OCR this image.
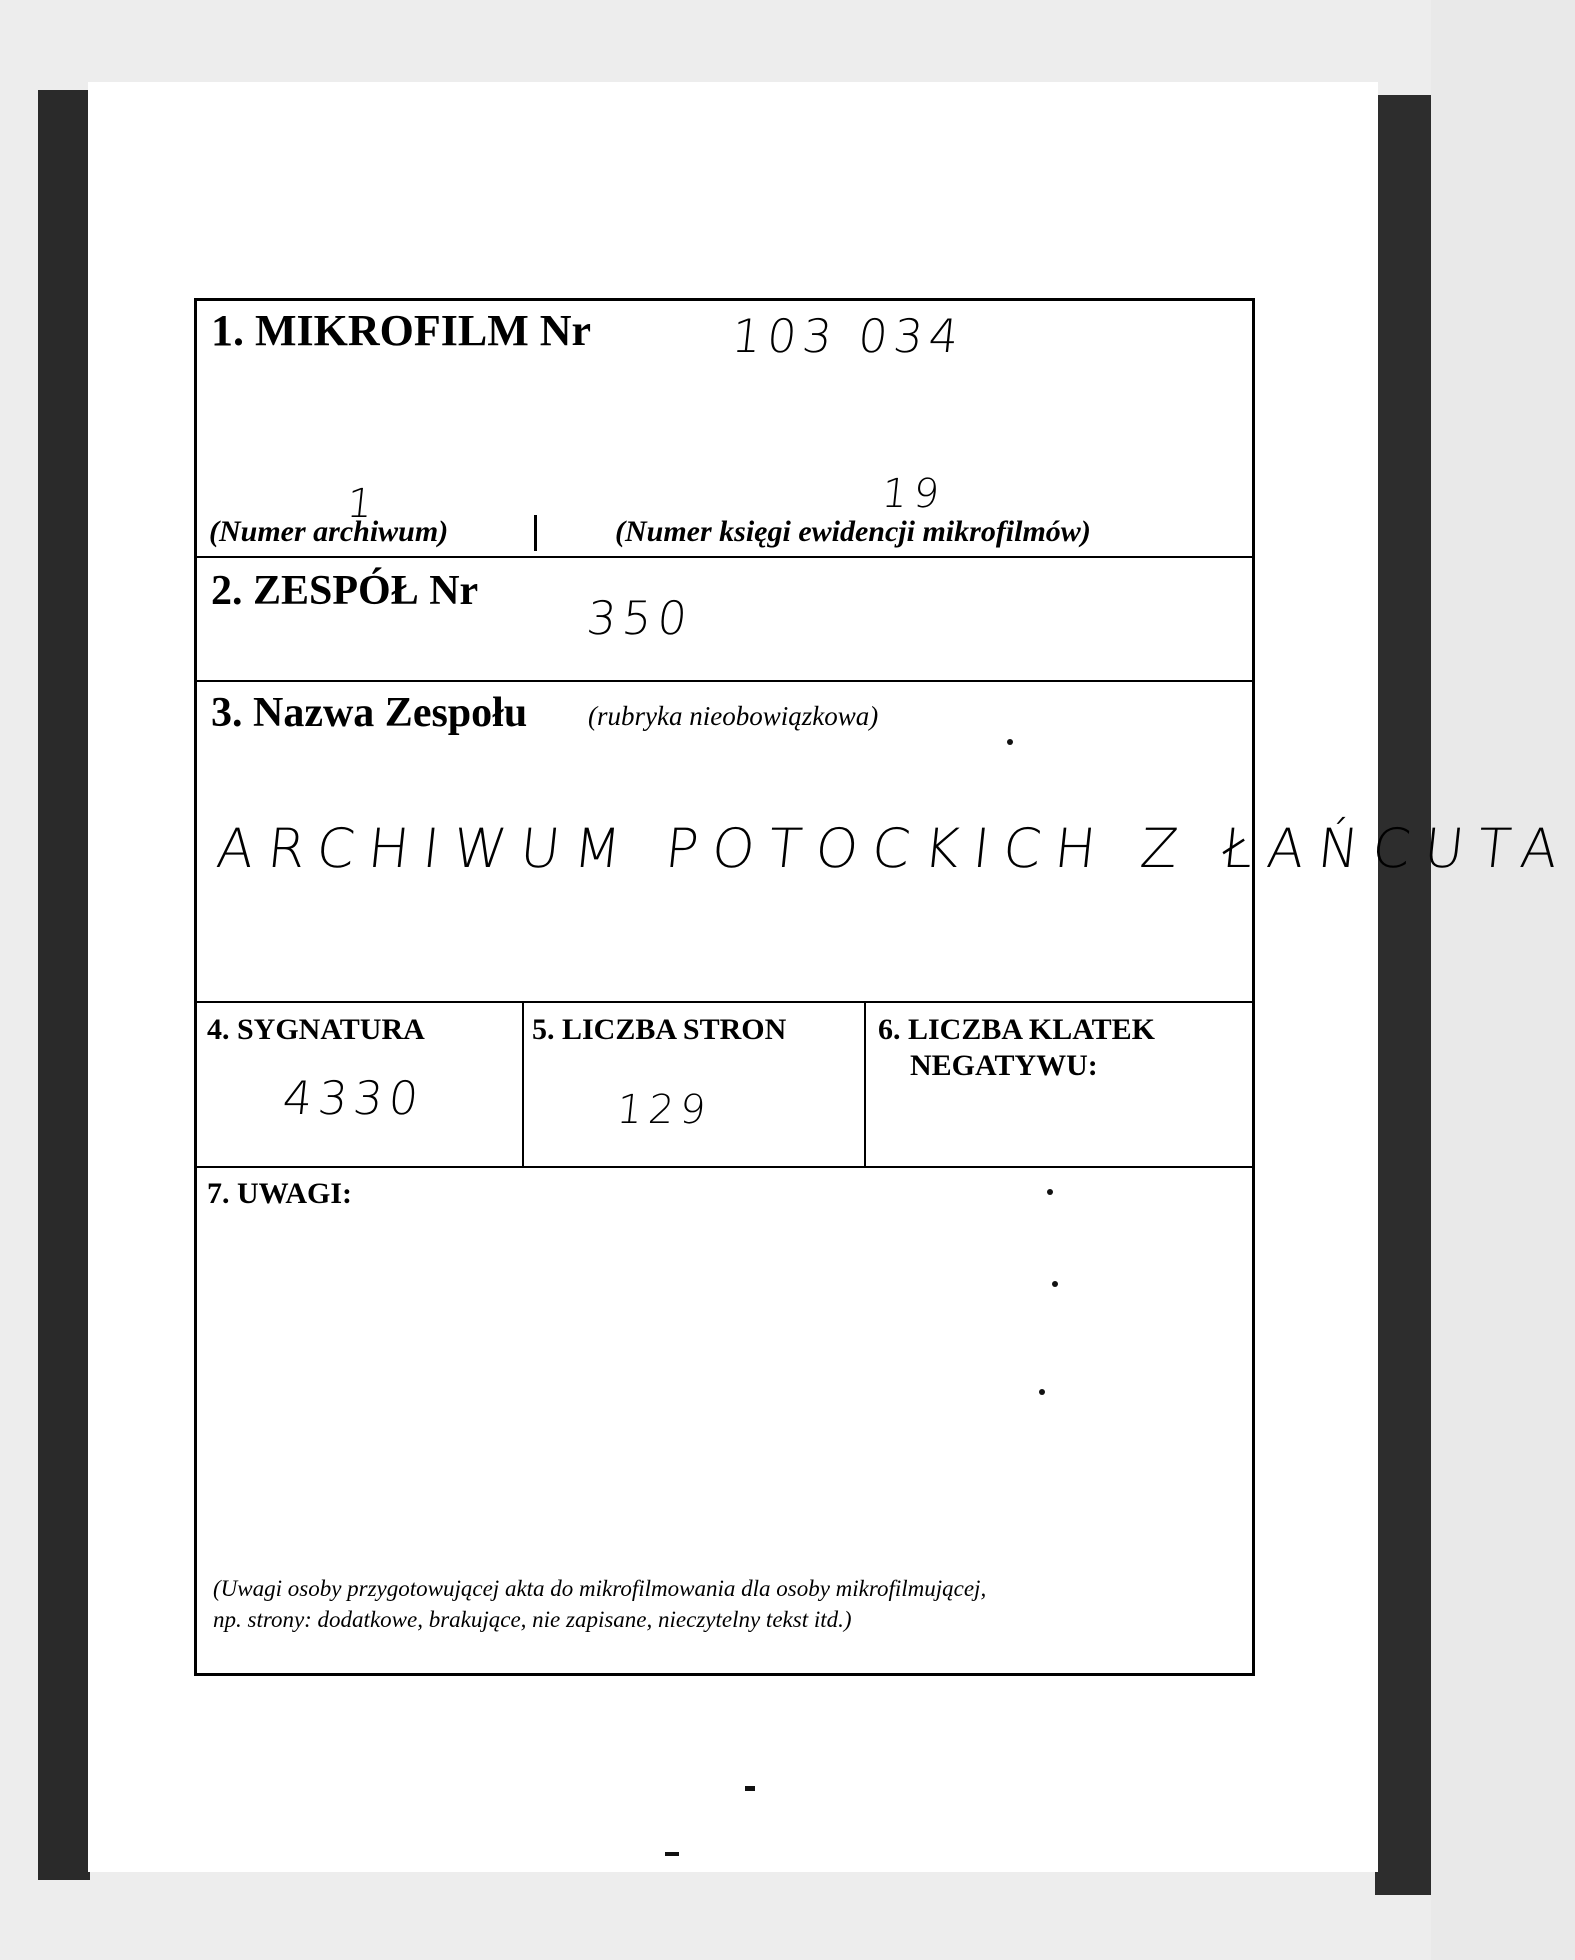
1. MIKROFILM Nr	103 034
1
(Numer archiwum)
19
(Numer księgi ewidencji mikrofilmów)
2. ZESPÓŁ Nr 350
3. Nazwa Zespołu (rubryka nieobowiązkowa)
ARCHIWUM POTOCKICH Z ŁAŃCUTA
4. SYGNATURA
4330
5. LICZBA STRON
129
6. LICZBA KLATEK
NEGATYWU:
7. UWAGI:
(Uwagi osoby przygotowującej akta do mikrofilmowania dla osoby mikrofilmującej,
np. strony: dodatkowe, brakujące, nie zapisane, nieczytelny tekst itd.)
